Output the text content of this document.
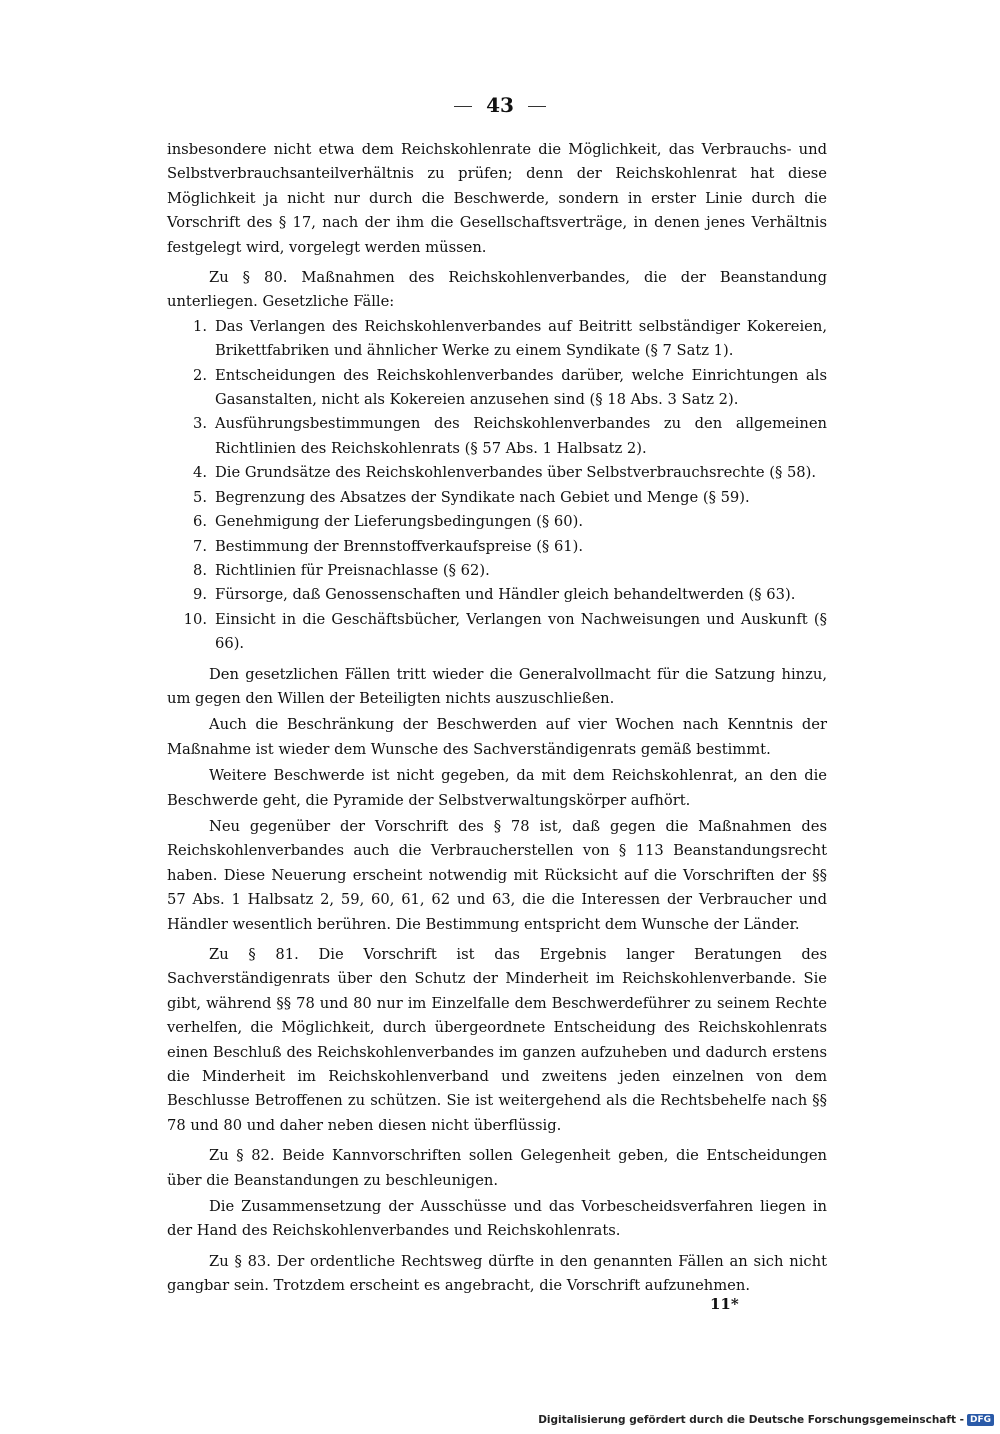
43

insbesondere nicht etwa dem Reichskohlenrate die Möglichkeit, das Verbrauchs- und Selbstverbrauchsanteilverhältnis zu prüfen; denn der Reichskohlenrat hat diese Möglichkeit ja nicht nur durch die Beschwerde, sondern in erster Linie durch die Vorschrift des § 17, nach der ihm die Gesellschaftsverträge, in denen jenes Verhältnis festgelegt wird, vorgelegt werden müssen.

Zu § 80. Maßnahmen des Reichskohlenverbandes, die der Beanstandung unterliegen. Gesetzliche Fälle:

1. Das Verlangen des Reichskohlenverbandes auf Beitritt selbständiger Kokereien, Brikettfabriken und ähnlicher Werke zu einem Syndikate (§ 7 Satz 1).
2. Entscheidungen des Reichskohlenverbandes darüber, welche Einrichtungen als Gasanstalten, nicht als Kokereien anzusehen sind (§ 18 Abs. 3 Satz 2).
3. Ausführungsbestimmungen des Reichskohlenverbandes zu den allgemeinen Richtlinien des Reichskohlenrats (§ 57 Abs. 1 Halbsatz 2).
4. Die Grundsätze des Reichskohlenverbandes über Selbstverbrauchsrechte (§ 58).
5. Begrenzung des Absatzes der Syndikate nach Gebiet und Menge (§ 59).
6. Genehmigung der Lieferungsbedingungen (§ 60).
7. Bestimmung der Brennstoffverkaufspreise (§ 61).
8. Richtlinien für Preisnachlasse (§ 62).
9. Fürsorge, daß Genossenschaften und Händler gleich behandeltwerden (§ 63).
10. Einsicht in die Geschäftsbücher, Verlangen von Nachweisungen und Auskunft (§ 66).

Den gesetzlichen Fällen tritt wieder die Generalvollmacht für die Satzung hinzu, um gegen den Willen der Beteiligten nichts auszuschließen.

Auch die Beschränkung der Beschwerden auf vier Wochen nach Kenntnis der Maßnahme ist wieder dem Wunsche des Sachverständigenrats gemäß bestimmt.

Weitere Beschwerde ist nicht gegeben, da mit dem Reichskohlenrat, an den die Beschwerde geht, die Pyramide der Selbstverwaltungskörper aufhört.

Neu gegenüber der Vorschrift des § 78 ist, daß gegen die Maßnahmen des Reichskohlenverbandes auch die Verbraucherstellen von § 113 Beanstandungsrecht haben. Diese Neuerung erscheint notwendig mit Rücksicht auf die Vorschriften der §§ 57 Abs. 1 Halbsatz 2, 59, 60, 61, 62 und 63, die die Interessen der Verbraucher und Händler wesentlich berühren. Die Bestimmung entspricht dem Wunsche der Länder.

Zu § 81. Die Vorschrift ist das Ergebnis langer Beratungen des Sachverständigenrats über den Schutz der Minderheit im Reichskohlenverbande. Sie gibt, während §§ 78 und 80 nur im Einzelfalle dem Beschwerdeführer zu seinem Rechte verhelfen, die Möglichkeit, durch übergeordnete Entscheidung des Reichskohlenrats einen Beschluß des Reichskohlenverbandes im ganzen aufzuheben und dadurch erstens die Minderheit im Reichskohlenverband und zweitens jeden einzelnen von dem Beschlusse Betroffenen zu schützen. Sie ist weitergehend als die Rechtsbehelfe nach §§ 78 und 80 und daher neben diesen nicht überflüssig.

Zu § 82. Beide Kannvorschriften sollen Gelegenheit geben, die Entscheidungen über die Beanstandungen zu beschleunigen.

Die Zusammensetzung der Ausschüsse und das Vorbescheidsverfahren liegen in der Hand des Reichskohlenverbandes und Reichskohlenrats.

Zu § 83. Der ordentliche Rechtsweg dürfte in den genannten Fällen an sich nicht gangbar sein. Trotzdem erscheint es angebracht, die Vorschrift aufzunehmen.

11*
Digitalisierung gefördert durch die Deutsche Forschungsgemeinschaft - DFG
